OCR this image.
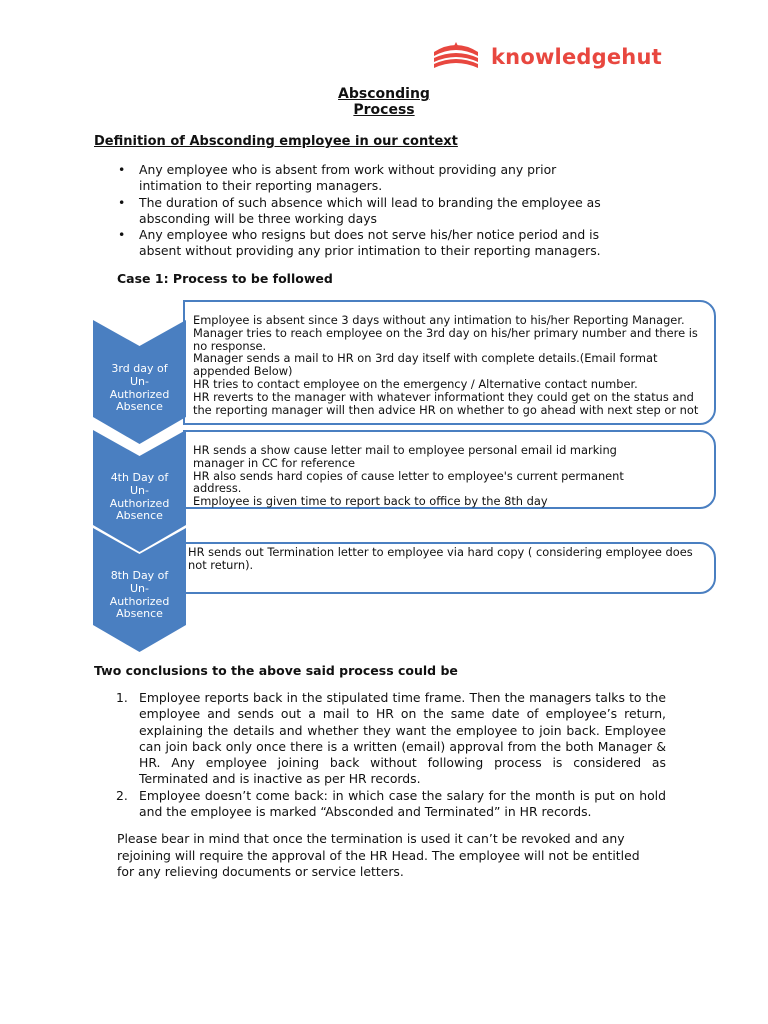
knowledgehut
Absconding
Process
Definition of Absconding employee in our context
• Any employee who is absent from work without providing any prior
intimation to their reporting managers.
• The duration of such absence which will lead to branding the employee as
absconding will be three working days
• Any employee who resigns but does not serve his/her notice period and is
absent without providing any prior intimation to their reporting managers.
Case 1: Process to be followed
Employee is absent since 3 days without any intimation to his/her Reporting Manager.
Manager tries to reach employee on the 3rd day on his/her primary number and there is
no response.
Manager sends a mail to HR on 3rd day itself with complete details.(Email format
appended Below)
HR tries to contact employee on the emergency / Alternative contact number.
HR reverts to the manager with whatever informationt they could get on the status and
the reporting manager will then advice HR on whether to go ahead with next step or not
3rd day of
Un-
Authorized
Absence
HR sends a show cause letter mail to employee personal email id marking
manager in CC for reference
HR also sends hard copies of cause letter to employee's current permanent
address.
Employee is given time to report back to office by the 8th day
4th Day of
Un-
Authorized
Absence
HR sends out Termination letter to employee via hard copy ( considering employee does
not return).
8th Day of
Un-
Authorized
Absence
Two conclusions to the above said process could be
1. Employee reports back in the stipulated time frame. Then the managers talks to the employee and sends out a mail to HR on the same date of employee’s return, explaining the details and whether they want the employee to join back. Employee can join back only once there is a written (email) approval from the both Manager & HR. Any employee joining back without following process is considered as Terminated and is inactive as per HR records.
2. Employee doesn’t come back: in which case the salary for the month is put on hold and the employee is marked “Absconded and Terminated” in HR records.
Please bear in mind that once the termination is used it can’t be revoked and any
rejoining will require the approval of the HR Head. The employee will not be entitled
for any relieving documents or service letters.
